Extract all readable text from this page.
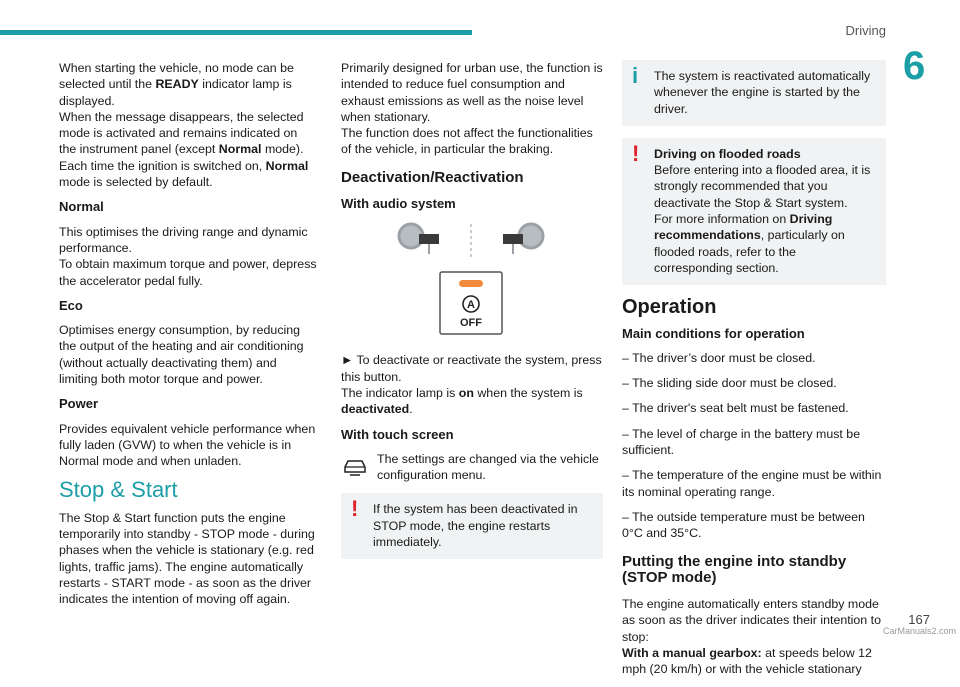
Driving
6

When starting the vehicle, no mode can be selected until the READY indicator lamp is displayed.
When the message disappears, the selected mode is activated and remains indicated on the instrument panel (except Normal mode).
Each time the ignition is switched on, Normal mode is selected by default.

Normal

This optimises the driving range and dynamic performance.
To obtain maximum torque and power, depress the accelerator pedal fully.

Eco

Optimises energy consumption, by reducing the output of the heating and air conditioning (without actually deactivating them) and limiting both motor torque and power.

Power

Provides equivalent vehicle performance when fully laden (GVW) to when the vehicle is in Normal mode and when unladen.

Stop & Start

The Stop & Start function puts the engine temporarily into standby - STOP mode - during phases when the vehicle is stationary (e.g. red lights, traffic jams). The engine automatically restarts - START mode - as soon as the driver indicates the intention of moving off again.

Primarily designed for urban use, the function is intended to reduce fuel consumption and exhaust emissions as well as the noise level when stationary.
The function does not affect the functionalities of the vehicle, in particular the braking.

Deactivation/Reactivation
With audio system
A
OFF

► To deactivate or reactivate the system, press this button.
The indicator lamp is on when the system is deactivated.

With touch screen
The settings are changed via the vehicle configuration menu.
!	If the system has been deactivated in STOP mode, the engine restarts immediately.
i	The system is reactivated automatically whenever the engine is started by the driver.
!	Driving on flooded roads
Before entering into a flooded area, it is strongly recommended that you deactivate the Stop & Start system.
For more information on Driving recommendations, particularly on flooded roads, refer to the corresponding section.
Operation
Main conditions for operation

– The driver’s door must be closed.

– The sliding side door must be closed.

– The driver's seat belt must be fastened.

– The level of charge in the battery must be sufficient.

– The temperature of the engine must be within its nominal operating range.

– The outside temperature must be between 0°C and 35°C.

Putting the engine into standby (STOP mode)

The engine automatically enters standby mode as soon as the driver indicates their intention to stop:
With a manual gearbox: at speeds below 12 mph (20 km/h) or with the vehicle stationary

167
CarManuals2.com
